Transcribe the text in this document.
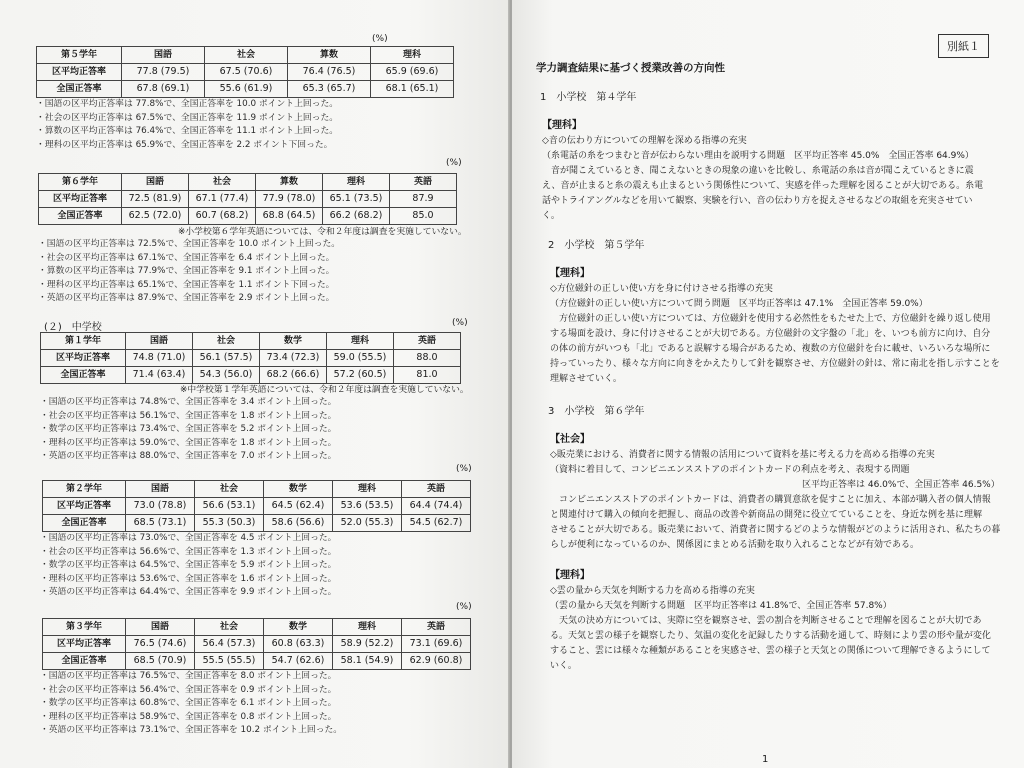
(%)
第５学年	国語	社会	算数	理科
区平均正答率	77.8 (79.5)	67.5 (70.6)	76.4 (76.5)	65.9 (69.6)
全国正答率	67.8 (69.1)	55.6 (61.9)	65.3 (65.7)	68.1 (65.1)
・国語の区平均正答率は 77.8%で、全国正答率を 10.0 ポイント上回った。
・社会の区平均正答率は 67.5%で、全国正答率を 11.9 ポイント上回った。
・算数の区平均正答率は 76.4%で、全国正答率を 11.1 ポイント上回った。
・理科の区平均正答率は 65.9%で、全国正答率を 2.2 ポイント下回った。
(%)
第６学年	国語	社会	算数	理科	英語
区平均正答率	72.5 (81.9)	67.1 (77.4)	77.9 (78.0)	65.1 (73.5)	87.9
全国正答率	62.5 (72.0)	60.7 (68.2)	68.8 (64.5)	66.2 (68.2)	85.0
※小学校第６学年英語については、令和２年度は調査を実施していない。
・国語の区平均正答率は 72.5%で、全国正答率を 10.0 ポイント上回った。
・社会の区平均正答率は 67.1%で、全国正答率を 6.4 ポイント上回った。
・算数の区平均正答率は 77.9%で、全国正答率を 9.1 ポイント上回った。
・理科の区平均正答率は 65.1%で、全国正答率を 1.1 ポイント下回った。
・英語の区平均正答率は 87.9%で、全国正答率を 2.9 ポイント上回った。
(２)　中学校	(%)
第１学年	国語	社会	数学	理科	英語
区平均正答率	74.8 (71.0)	56.1 (57.5)	73.4 (72.3)	59.0 (55.5)	88.0
全国正答率	71.4 (63.4)	54.3 (56.0)	68.2 (66.6)	57.2 (60.5)	81.0
※中学校第１学年英語については、令和２年度は調査を実施していない。
・国語の区平均正答率は 74.8%で、全国正答率を 3.4 ポイント上回った。
・社会の区平均正答率は 56.1%で、全国正答率を 1.8 ポイント上回った。
・数学の区平均正答率は 73.4%で、全国正答率を 5.2 ポイント上回った。
・理科の区平均正答率は 59.0%で、全国正答率を 1.8 ポイント上回った。
・英語の区平均正答率は 88.0%で、全国正答率を 7.0 ポイント上回った。
(%)
第２学年	国語	社会	数学	理科	英語
区平均正答率	73.0 (78.8)	56.6 (53.1)	64.5 (62.4)	53.6 (53.5)	64.4 (74.4)
全国正答率	68.5 (73.1)	55.3 (50.3)	58.6 (56.6)	52.0 (55.3)	54.5 (62.7)
・国語の区平均正答率は 73.0%で、全国正答率を 4.5 ポイント上回った。
・社会の区平均正答率は 56.6%で、全国正答率を 1.3 ポイント上回った。
・数学の区平均正答率は 64.5%で、全国正答率を 5.9 ポイント上回った。
・理科の区平均正答率は 53.6%で、全国正答率を 1.6 ポイント上回った。
・英語の区平均正答率は 64.4%で、全国正答率を 9.9 ポイント上回った。
(%)
第３学年	国語	社会	数学	理科	英語
区平均正答率	76.5 (74.6)	56.4 (57.3)	60.8 (63.3)	58.9 (52.2)	73.1 (69.6)
全国正答率	68.5 (70.9)	55.5 (55.5)	54.7 (62.6)	58.1 (54.9)	62.9 (60.8)
・国語の区平均正答率は 76.5%で、全国正答率を 8.0 ポイント上回った。
・社会の区平均正答率は 56.4%で、全国正答率を 0.9 ポイント上回った。
・数学の区平均正答率は 60.8%で、全国正答率を 6.1 ポイント上回った。
・理科の区平均正答率は 58.9%で、全国正答率を 0.8 ポイント上回った。
・英語の区平均正答率は 73.1%で、全国正答率を 10.2 ポイント上回った。
別紙１
学力調査結果に基づく授業改善の方向性
1　小学校　第４学年
【理科】
◇音の伝わり方についての理解を深める指導の充実
（糸電話の糸をつまむと音が伝わらない理由を説明する問題　区平均正答率 45.0%　全国正答率 64.9%）
　音が聞こえているとき、聞こえないときの現象の違いを比較し、糸電話の糸は音が聞こえているときに震
え、音が止まると糸の震えも止まるという関係性について、実感を伴った理解を図ることが大切である。糸電
話やトライアングルなどを用いて観察、実験を行い、音の伝わり方を捉えさせるなどの取組を充実させてい
く。
2　小学校　第５学年
【理科】
◇方位磁針の正しい使い方を身に付けさせる指導の充実
（方位磁針の正しい使い方について問う問題　区平均正答率は 47.1%　全国正答率 59.0%）
　方位磁針の正しい使い方については、方位磁針を使用する必然性をもたせた上で、方位磁針を繰り返し使用
する場面を設け、身に付けさせることが大切である。方位磁針の文字盤の「北」を、いつも前方に向け、自分
の体の前方がいつも「北」であると誤解する場合があるため、複数の方位磁針を台に載せ、いろいろな場所に
持っていったり、様々な方向に向きをかえたりして針を観察させ、方位磁針の針は、常に南北を指し示すことを
理解させていく。
3　小学校　第６学年
【社会】
◇販売業における、消費者に関する情報の活用について資料を基に考える力を高める指導の充実
（資料に着目して、コンビニエンスストアのポイントカードの利点を考え、表現する問題
区平均正答率は 46.0%で、全国正答率 46.5%）
　コンビニエンスストアのポイントカードは、消費者の購買意欲を促すことに加え、本部が購入者の個人情報
と関連付けて購入の傾向を把握し、商品の改善や新商品の開発に役立てていることを、身近な例を基に理解
させることが大切である。販売業において、消費者に関するどのような情報がどのように活用され、私たちの暮
らしが便利になっているのか、関係図にまとめる活動を取り入れることなどが有効である。
【理科】
◇雲の量から天気を判断する力を高める指導の充実
（雲の量から天気を判断する問題　区平均正答率は 41.8%で、全国正答率 57.8%）
　天気の決め方については、実際に空を観察させ、雲の割合を判断させることで理解を図ることが大切であ
る。天気と雲の様子を観察したり、気温の変化を記録したりする活動を通して、時刻により雲の形や量が変化
すること、雲には様々な種類があることを実感させ、雲の様子と天気との関係について理解できるようにして
いく。
1
